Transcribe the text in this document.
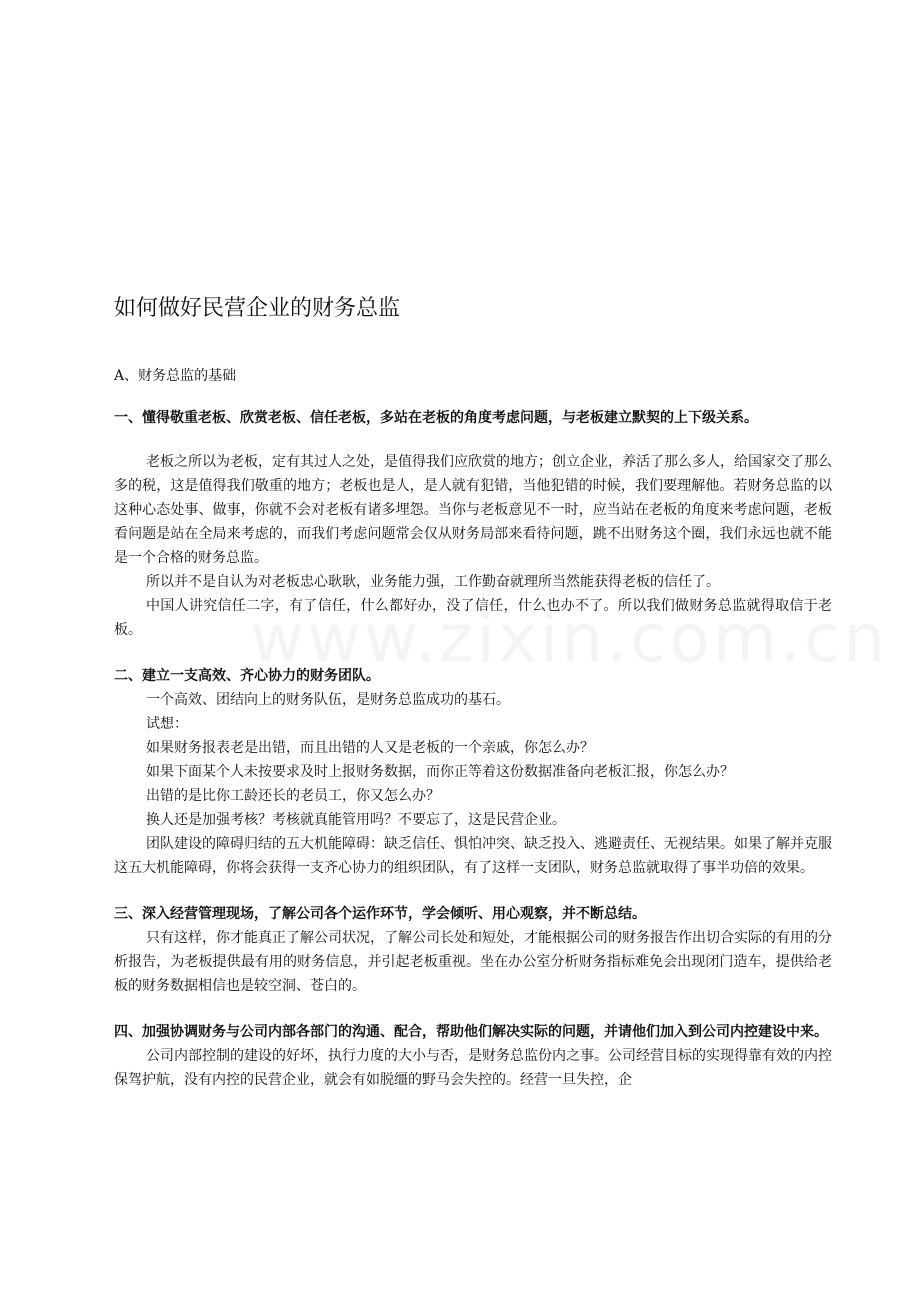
如何做好民营企业的财务总监

A、财务总监的基础

一、懂得敬重老板、欣赏老板、信任老板，多站在老板的角度考虑问题，与老板建立默契的上下级关系。

老板之所以为老板，定有其过人之处，是值得我们应欣赏的地方；创立企业，养活了那么多人，给国家交了那么多的税，这是值得我们敬重的地方；老板也是人，是人就有犯错，当他犯错的时候，我们要理解他。若财务总监的以这种心态处事、做事，你就不会对老板有诸多埋怨。当你与老板意见不一时，应当站在老板的角度来考虑问题，老板看问题是站在全局来考虑的，而我们考虑问题常会仅从财务局部来看待问题，跳不出财务这个圈，我们永远也就不能是一个合格的财务总监。

所以并不是自认为对老板忠心耿耿，业务能力强，工作勤奋就理所当然能获得老板的信任了。

中国人讲究信任二字，有了信任，什么都好办，没了信任，什么也办不了。所以我们做财务总监就得取信于老板。

二、建立一支高效、齐心协力的财务团队。

一个高效、团结向上的财务队伍，是财务总监成功的基石。

试想：

如果财务报表老是出错，而且出错的人又是老板的一个亲戚，你怎么办？

如果下面某个人未按要求及时上报财务数据，而你正等着这份数据准备向老板汇报，你怎么办？

出错的是比你工龄还长的老员工，你又怎么办？

换人还是加强考核？考核就真能管用吗？不要忘了，这是民营企业。

团队建设的障碍归结的五大机能障碍：缺乏信任、惧怕冲突、缺乏投入、逃避责任、无视结果。如果了解并克服这五大机能障碍，你将会获得一支齐心协力的组织团队，有了这样一支团队，财务总监就取得了事半功倍的效果。

三、深入经营管理现场，了解公司各个运作环节，学会倾听、用心观察，并不断总结。

只有这样，你才能真正了解公司状况，了解公司长处和短处，才能根据公司的财务报告作出切合实际的有用的分析报告，为老板提供最有用的财务信息，并引起老板重视。坐在办公室分析财务指标难免会出现闭门造车，提供给老板的财务数据相信也是较空洞、苍白的。

四、加强协调财务与公司内部各部门的沟通、配合，帮助他们解决实际的问题，并请他们加入到公司内控建设中来。

公司内部控制的建设的好坏，执行力度的大小与否，是财务总监份内之事。公司经营目标的实现得靠有效的内控保驾护航，没有内控的民营企业，就会有如脱缰的野马会失控的。经营一旦失控，企
